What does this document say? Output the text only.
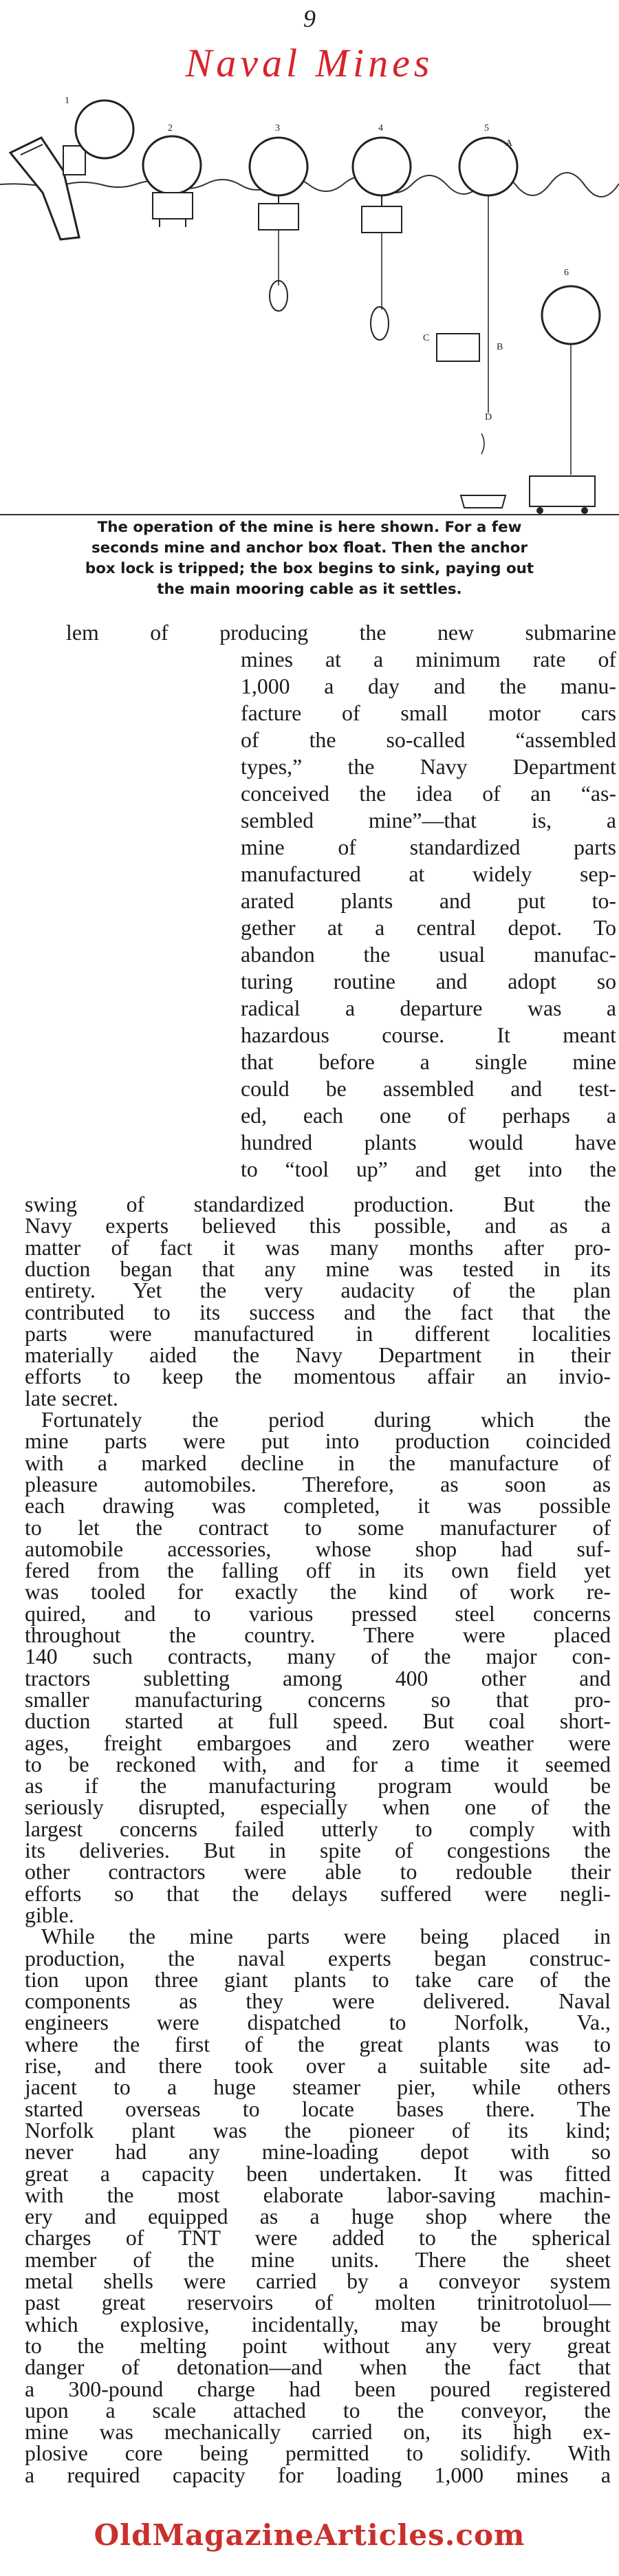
9
Naval Mines
1
2	3	4	5
6
A
B
C
D
The operation of the mine is here shown. For a few
seconds mine and anchor box float. Then the anchor
box lock is tripped; the box begins to sink, paying out
the main mooring cable as it settles.
lem of producing the new submarine
mines at a minimum rate of
1,000 a day and the manu-
facture of small motor cars
of the so-called “assembled
types,” the Navy Department
conceived the idea of an “as-
sembled mine”—that is, a
mine of standardized parts
manufactured at widely sep-
arated plants and put to-
gether at a central depot. To
abandon the usual manufac-
turing routine and adopt so
radical a departure was a
hazardous course. It meant
that before a single mine
could be assembled and test-
ed, each one of perhaps a
hundred plants would have
to “tool up” and get into the
swing of standardized production. But the
Navy experts believed this possible, and as a
matter of fact it was many months after pro-
duction began that any mine was tested in its
entirety. Yet the very audacity of the plan
contributed to its success and the fact that the
parts were manufactured in different localities
materially aided the Navy Department in their
efforts to keep the momentous affair an invio-
late secret.
Fortunately the period during which the
mine parts were put into production coincided
with a marked decline in the manufacture of
pleasure automobiles. Therefore, as soon as
each drawing was completed, it was possible
to let the contract to some manufacturer of
automobile accessories, whose shop had suf-
fered from the falling off in its own field yet
was tooled for exactly the kind of work re-
quired, and to various pressed steel concerns
throughout the country. There were placed
140 such contracts, many of the major con-
tractors subletting among 400 other and
smaller manufacturing concerns so that pro-
duction started at full speed. But coal short-
ages, freight embargoes and zero weather were
to be reckoned with, and for a time it seemed
as if the manufacturing program would be
seriously disrupted, especially when one of the
largest concerns failed utterly to comply with
its deliveries. But in spite of congestions the
other contractors were able to redouble their
efforts so that the delays suffered were negli-
gible.
While the mine parts were being placed in
production, the naval experts began construc-
tion upon three giant plants to take care of the
components as they were delivered. Naval
engineers were dispatched to Norfolk, Va.,
where the first of the great plants was to
rise, and there took over a suitable site ad-
jacent to a huge steamer pier, while others
started overseas to locate bases there. The
Norfolk plant was the pioneer of its kind;
never had any mine-loading depot with so
great a capacity been undertaken. It was fitted
with the most elaborate labor-saving machin-
ery and equipped as a huge shop where the
charges of TNT were added to the spherical
member of the mine units. There the sheet
metal shells were carried by a conveyor system
past great reservoirs of molten trinitrotoluol—
which explosive, incidentally, may be brought
to the melting point without any very great
danger of detonation—and when the fact that
a 300-pound charge had been poured registered
upon a scale attached to the conveyor, the
mine was mechanically carried on, its high ex-
plosive core being permitted to solidify. With
a required capacity for loading 1,000 mines a
OldMagazineArticles.com
